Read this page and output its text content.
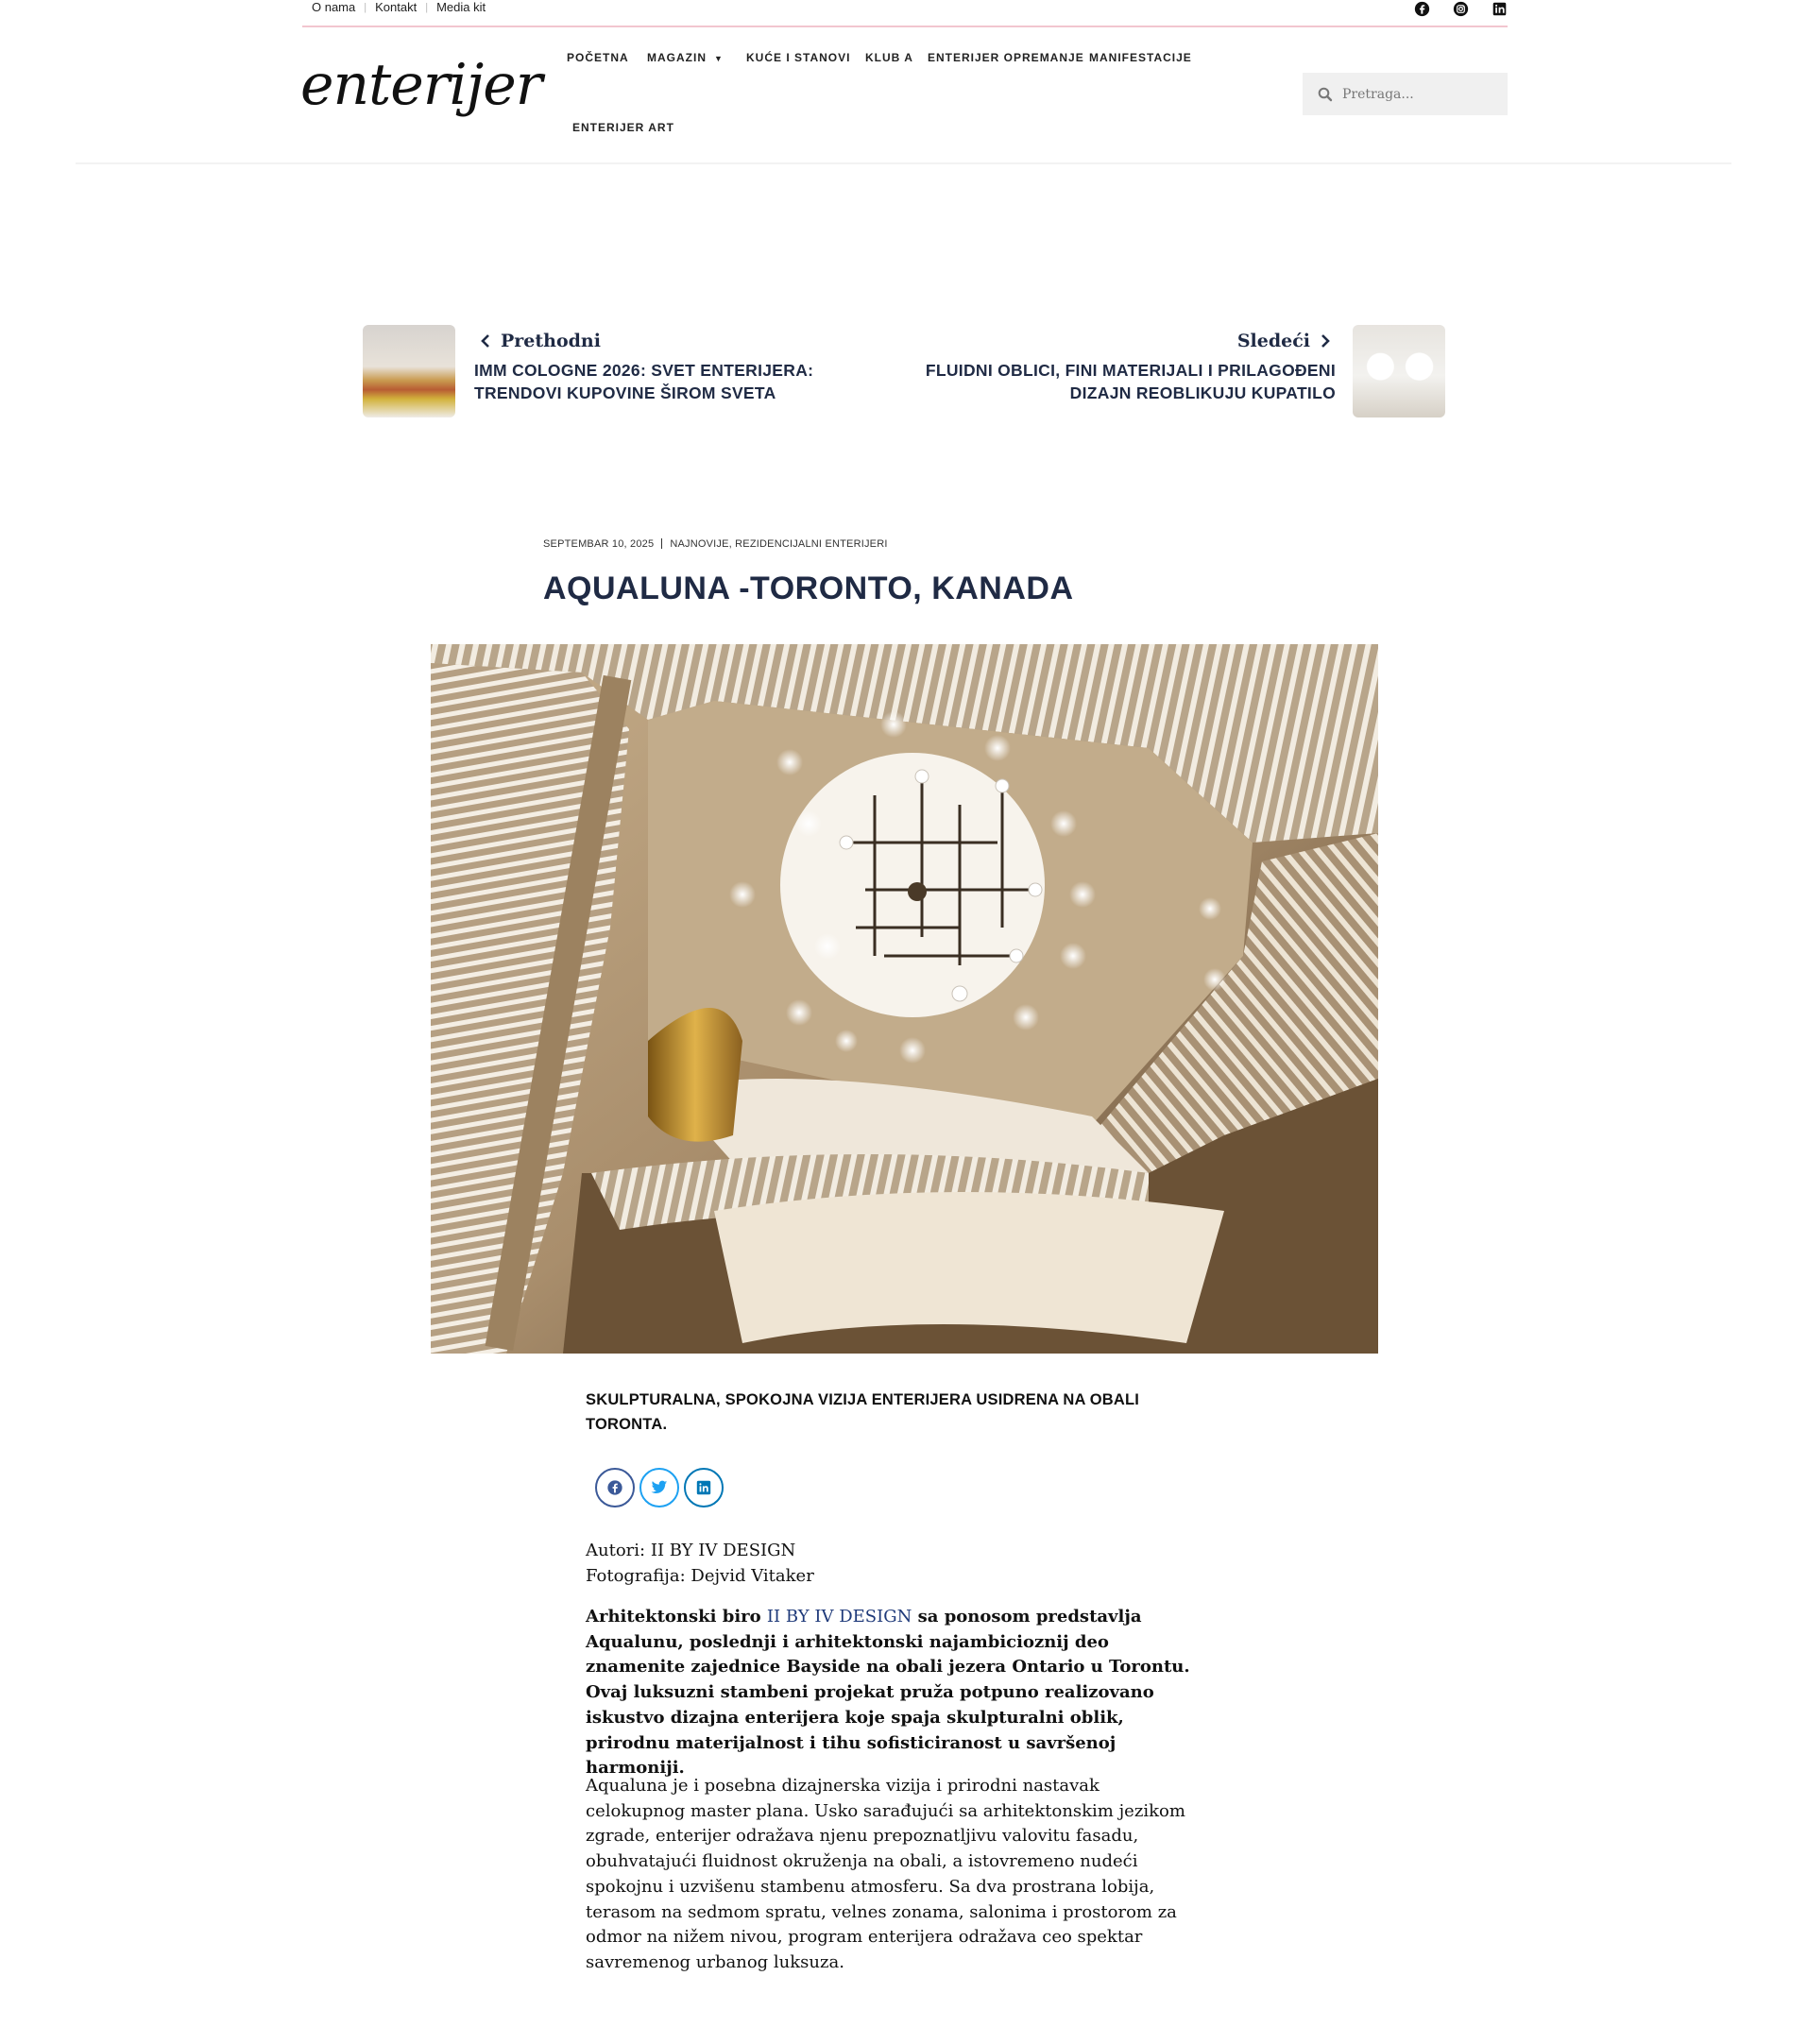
O nama | Kontakt | Media kit
enterijer POČETNA MAGAZIN ▼ KUĆE I STANOVI KLUB A ENTERIJER OPREMANJE MANIFESTACIJE
ENTERIJER ART
Pretraga...
Prethodni
IMM COLOGNE 2026: SVET ENTERIJERA: TRENDOVI KUPOVINE ŠIROM SVETA
Sledeći
FLUIDNI OBLICI, FINI MATERIJALI I PRILAGOĐENI DIZAJN REOBLIKUJU KUPATILO
SEPTEMBAR 10, 2025 NAJNOVIJE, REZIDENCIJALNI ENTERIJERI
AQUALUNA -TORONTO, KANADA
SKULPTURALNA, SPOKOJNA VIZIJA ENTERIJERA USIDRENA NA OBALI TORONTA.
Autori: II BY IV DESIGN
Fotografija: Dejvid Vitaker

Arhitektonski biro II BY IV DESIGN sa ponosom predstavlja Aqualunu, poslednji i arhitektonski najambicioznij deo znamenite zajednice Bayside na obali jezera Ontario u Torontu. Ovaj luksuzni stambeni projekat pruža potpuno realizovano iskustvo dizajna enterijera koje spaja skulpturalni oblik, prirodnu materijalnost i tihu sofisticiranost u savršenoj harmoniji.

Aqualuna je i posebna dizajnerska vizija i prirodni nastavak celokupnog master plana. Usko sarađujući sa arhitektonskim jezikom zgrade, enterijer odražava njenu prepoznatljivu valovitu fasadu, obuhvatajući fluidnost okruženja na obali, a istovremeno nudeći spokojnu i uzvišenu stambenu atmosferu. Sa dva prostrana lobija, terasom na sedmom spratu, velnes zonama, salonima i prostorom za odmor na nižem nivou, program enterijera odražava ceo spektar savremenog urbanog luksuza.
